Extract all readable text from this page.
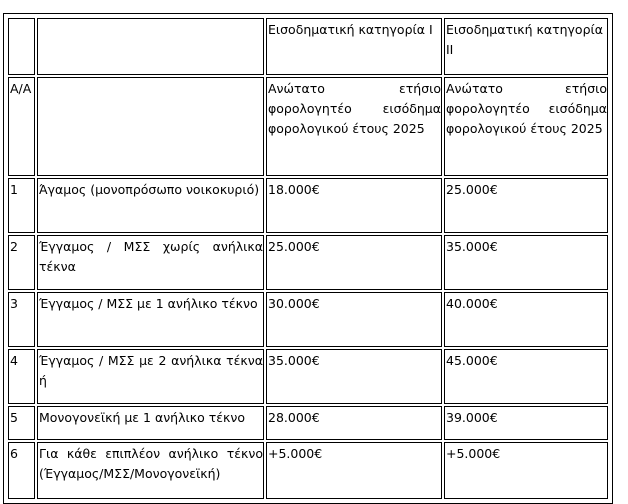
		Εισοδηματική κατηγορία Ι	Εισοδηματική κατηγορία ΙΙ
Α/Α		Ανώτατο ετήσιο φορολογητέο εισόδημα φορολογικού έτους 2025	Ανώτατο ετήσιο φορολογητέο εισόδημα φορολογικού έτους 2025
1	Άγαμος (μονοπρόσωπο νοικοκυριό)	18.000€	25.000€
2	Έγγαμος / ΜΣΣ χωρίς ανήλικα τέκνα	25.000€	35.000€
3	Έγγαμος / ΜΣΣ με 1 ανήλικο τέκνο	30.000€	40.000€
4	Έγγαμος / ΜΣΣ με 2 ανήλικα τέκνα ή	35.000€	45.000€
5	Μονογονεϊκή με 1 ανήλικο τέκνο	28.000€	39.000€
6	Για κάθε επιπλέον ανήλικο τέκνο (Έγγαμος/ΜΣΣ/Μονογονεϊκή)	+5.000€	+5.000€
